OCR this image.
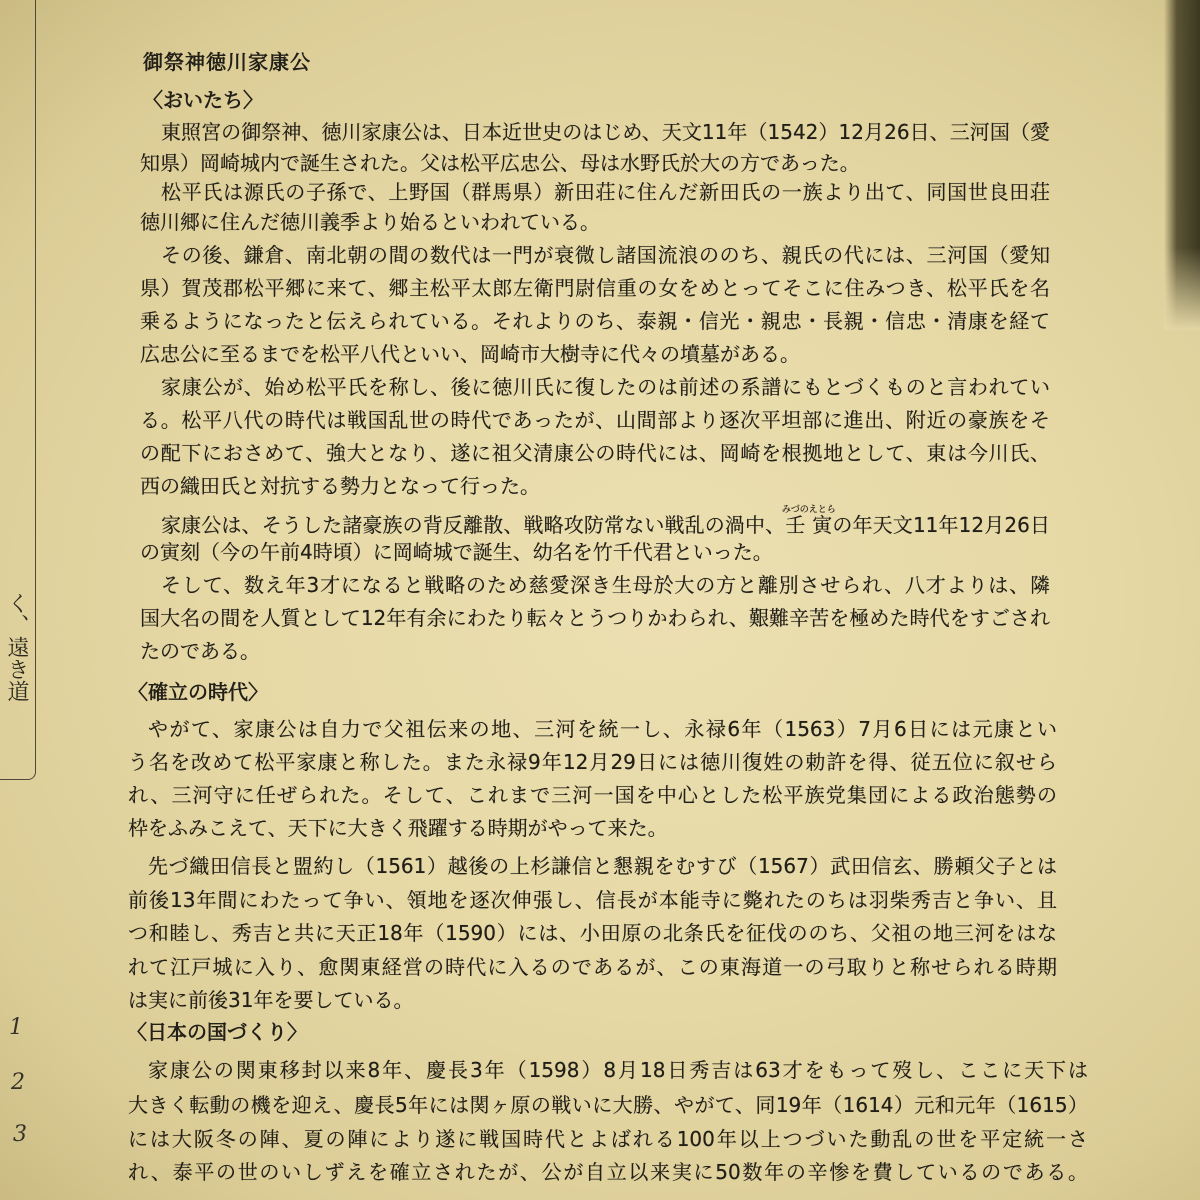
く、遠き道
1
2
3
御祭神徳川家康公
〈おいたち〉
東照宮の御祭神、徳川家康公は、日本近世史のはじめ、天文11年（1542）12月26日、三河国（愛
知県）岡崎城内で誕生された。父は松平広忠公、母は水野氏於大の方であった。
松平氏は源氏の子孫で、上野国（群馬県）新田荘に住んだ新田氏の一族より出て、同国世良田荘
徳川郷に住んだ徳川義季より始るといわれている。
その後、鎌倉、南北朝の間の数代は一門が衰微し諸国流浪ののち、親氏の代には、三河国（愛知
県）賀茂郡松平郷に来て、郷主松平太郎左衛門尉信重の女をめとってそこに住みつき、松平氏を名
乗るようになったと伝えられている。それよりのち、泰親・信光・親忠・長親・信忠・清康を経て
広忠公に至るまでを松平八代といい、岡崎市大樹寺に代々の墳墓がある。
家康公が、始め松平氏を称し、後に徳川氏に復したのは前述の系譜にもとづくものと言われてい
る。松平八代の時代は戦国乱世の時代であったが、山間部より逐次平坦部に進出、附近の豪族をそ
の配下におさめて、強大となり、遂に祖父清康公の時代には、岡崎を根拠地として、東は今川氏、
西の織田氏と対抗する勢力となって行った。
家康公は、そうした諸豪族の背反離散、戦略攻防常ない戦乱の渦中、壬寅みづのえとらの年天文11年12月26日
の寅刻（今の午前4時頃）に岡崎城で誕生、幼名を竹千代君といった。
そして、数え年3才になると戦略のため慈愛深き生母於大の方と離別させられ、八才よりは、隣
国大名の間を人質として12年有余にわたり転々とうつりかわられ、艱難辛苦を極めた時代をすごされ
たのである。
〈確立の時代〉
やがて、家康公は自力で父祖伝来の地、三河を統一し、永禄6年（1563）7月6日には元康とい
う名を改めて松平家康と称した。また永禄9年12月29日には徳川復姓の勅許を得、従五位に叙せら
れ、三河守に任ぜられた。そして、これまで三河一国を中心とした松平族党集団による政治態勢の
枠をふみこえて、天下に大きく飛躍する時期がやって来た。
先づ織田信長と盟約し（1561）越後の上杉謙信と懇親をむすび（1567）武田信玄、勝頼父子とは
前後13年間にわたって争い、領地を逐次伸張し、信長が本能寺に斃れたのちは羽柴秀吉と争い、且
つ和睦し、秀吉と共に天正18年（1590）には、小田原の北条氏を征伐ののち、父祖の地三河をはな
れて江戸城に入り、愈関東経営の時代に入るのであるが、この東海道一の弓取りと称せられる時期
は実に前後31年を要している。
〈日本の国づくり〉
家康公の関東移封以来8年、慶長3年（1598）8月18日秀吉は63才をもって歿し、ここに天下は
大きく転動の機を迎え、慶長5年には関ヶ原の戦いに大勝、やがて、同19年（1614）元和元年（1615）
には大阪冬の陣、夏の陣により遂に戦国時代とよばれる100年以上つづいた動乱の世を平定統一さ
れ、泰平の世のいしずえを確立されたが、公が自立以来実に50数年の辛惨を費しているのである。
